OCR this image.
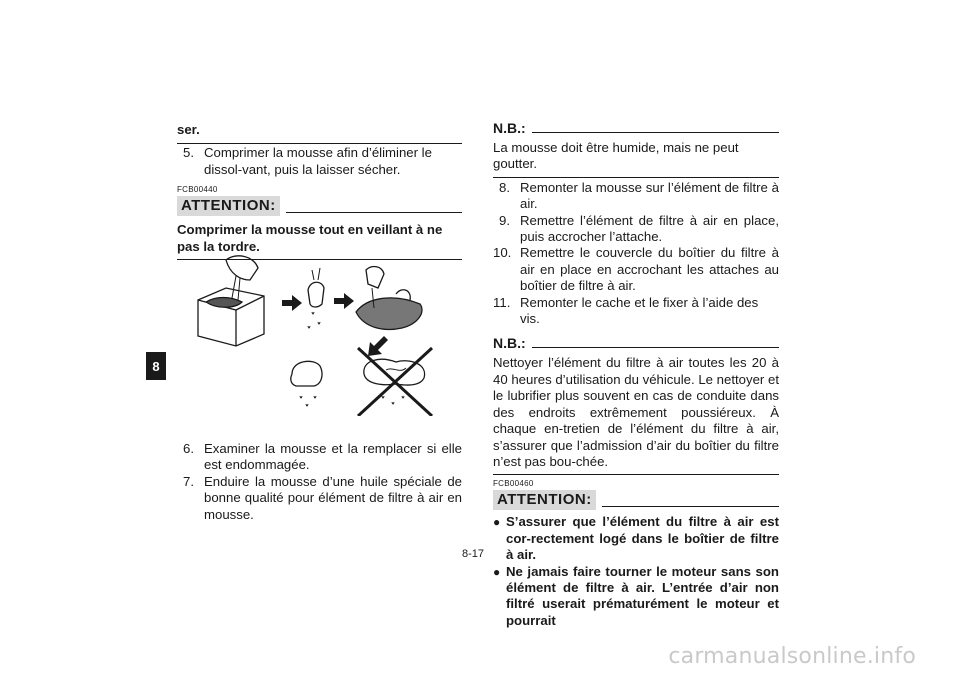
8
ser.
5. Comprimer la mousse afin d’éliminer le dissol-vant, puis la laisser sécher.
FCB00440
ATTENTION:
Comprimer la mousse tout en veillant à ne pas la tordre.
6. Examiner la mousse et la remplacer si elle est endommagée.
7. Enduire la mousse d’une huile spéciale de bonne qualité pour élément de filtre à air en mousse.
N.B.:
La mousse doit être humide, mais ne peut goutter.
8. Remonter la mousse sur l’élément de filtre à air.
9. Remettre l’élément de filtre à air en place, puis accrocher l’attache.
10. Remettre le couvercle du boîtier du filtre à air en place en accrochant les attaches au boîtier de filtre à air.
11. Remonter le cache et le fixer à l’aide des vis.
N.B.:
Nettoyer l’élément du filtre à air toutes les 20 à 40 heures d’utilisation du véhicule. Le nettoyer et le lubrifier plus souvent en cas de conduite dans des endroits extrêmement poussiéreux. À chaque en-tretien de l’élément du filtre à air, s’assurer que l’admission d’air du boîtier du filtre n’est pas bou-chée.
FCB00460
ATTENTION:
● S’assurer que l’élément du filtre à air est cor-rectement logé dans le boîtier de filtre à air.
● Ne jamais faire tourner le moteur sans son élément de filtre à air. L’entrée d’air non filtré userait prématurément le moteur et pourrait
8-17
carmanualsonline.info
